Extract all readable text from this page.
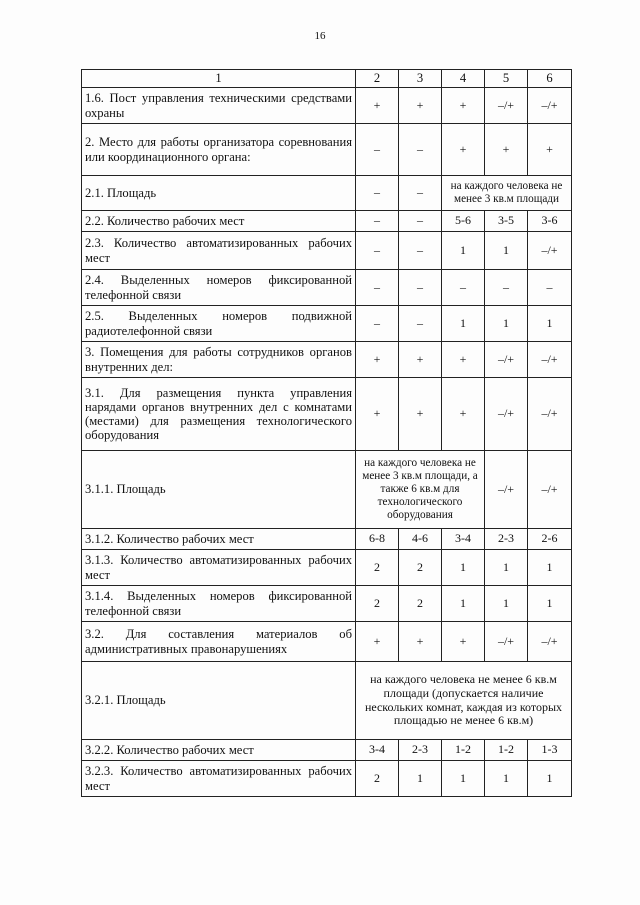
16
1	2	3	4	5	6
1.6. Пост управления техническими средствами охраны	+	+	+	–/+	–/+
2. Место для работы организатора соревнования или координационного органа:	–	–	+	+	+
2.1. Площадь	–	–	на каждого человека не менее 3 кв.м площади		
2.2. Количество рабочих мест	–	–	5-6	3-5	3-6
2.3. Количество автоматизированных рабочих мест	–	–	1	1	–/+
2.4. Выделенных номеров фиксированной телефонной связи	–	–	–	–	–
2.5. Выделенных номеров подвижной радиотелефонной связи	–	–	1	1	1
3. Помещения для работы сотрудников органов внутренних дел:	+	+	+	–/+	–/+
3.1. Для размещения пункта управления нарядами органов внутренних дел с комнатами (местами) для размещения технологического оборудования	+	+	+	–/+	–/+
3.1.1. Площадь	на каждого человека не менее 3 кв.м площади, а также 6 кв.м для технологического оборудования			–/+	–/+
3.1.2. Количество рабочих мест	6-8	4-6	3-4	2-3	2-6
3.1.3. Количество автоматизированных рабочих мест	2	2	1	1	1
3.1.4. Выделенных номеров фиксированной телефонной связи	2	2	1	1	1
3.2. Для составления материалов об административных правонарушениях	+	+	+	–/+	–/+
3.2.1. Площадь	на каждого человека не менее 6 кв.м площади (допускается наличие нескольких комнат, каждая из которых площадью не менее 6 кв.м)				
3.2.2. Количество рабочих мест	3-4	2-3	1-2	1-2	1-3
3.2.3. Количество автоматизированных рабочих мест	2	1	1	1	1
